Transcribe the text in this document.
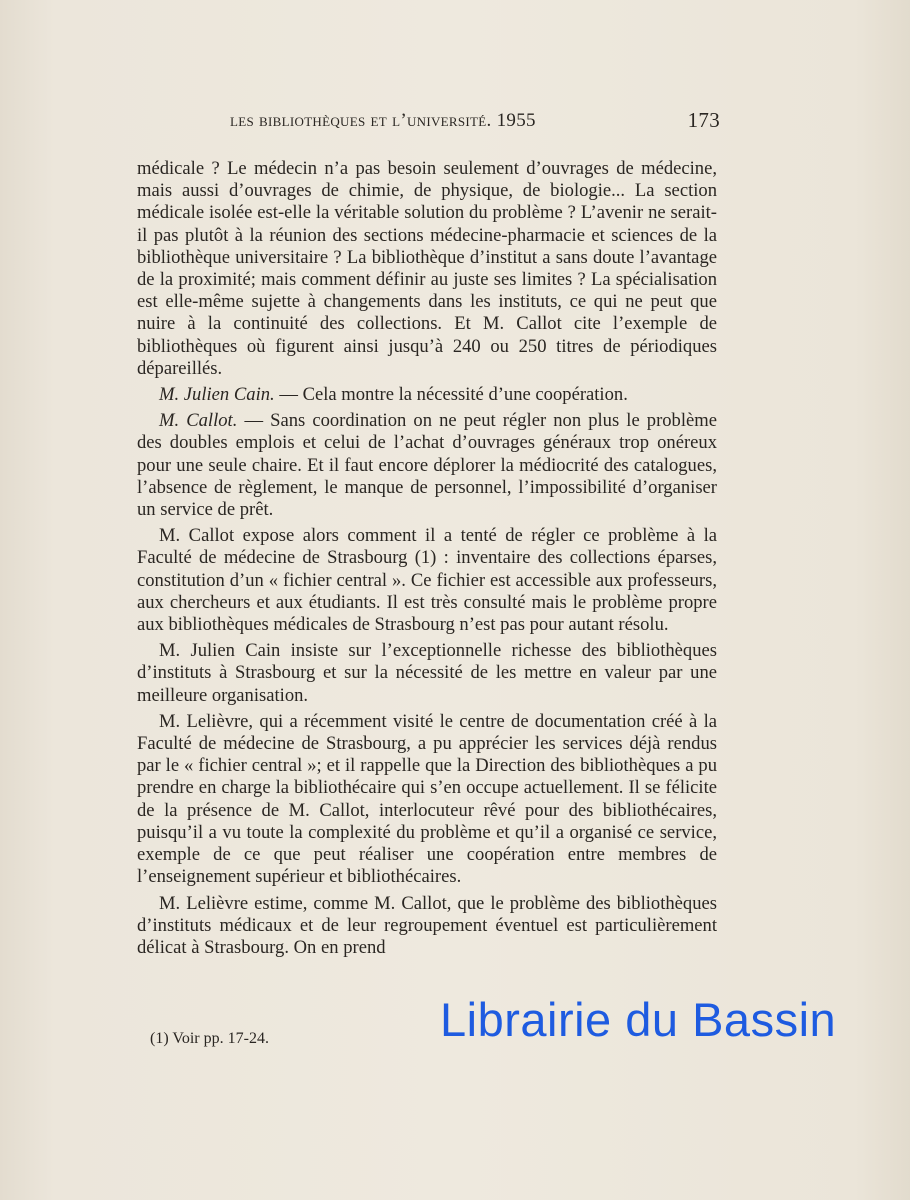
les bibliothèques et l’université. 1955	173

médicale ? Le médecin n’a pas besoin seulement d’ouvrages de médecine, mais aussi d’ouvrages de chimie, de physique, de biologie... La section médicale isolée est-elle la véritable solution du problème ? L’avenir ne serait-il pas plutôt à la réunion des sections médecine-pharmacie et sciences de la bibliothèque universitaire ? La bibliothèque d’institut a sans doute l’avantage de la proximité; mais comment définir au juste ses limites ? La spécialisation est elle-même sujette à changements dans les instituts, ce qui ne peut que nuire à la continuité des collections. Et M. Callot cite l’exemple de bibliothèques où figurent ainsi jusqu’à 240 ou 250 titres de périodiques dépareillés.

M. Julien Cain. — Cela montre la nécessité d’une coopération.

M. Callot. — Sans coordination on ne peut régler non plus le problème des doubles emplois et celui de l’achat d’ouvrages généraux trop onéreux pour une seule chaire. Et il faut encore déplorer la médiocrité des catalogues, l’absence de règlement, le manque de personnel, l’impossibilité d’organiser un service de prêt.

M. Callot expose alors comment il a tenté de régler ce problème à la Faculté de médecine de Strasbourg (1) : inventaire des collections éparses, constitution d’un « fichier central ». Ce fichier est accessible aux professeurs, aux chercheurs et aux étudiants. Il est très consulté mais le problème propre aux bibliothèques médicales de Strasbourg n’est pas pour autant résolu.

M. Julien Cain insiste sur l’exceptionnelle richesse des bibliothèques d’instituts à Strasbourg et sur la nécessité de les mettre en valeur par une meilleure organisation.

M. Lelièvre, qui a récemment visité le centre de documentation créé à la Faculté de médecine de Strasbourg, a pu apprécier les services déjà rendus par le « fichier central »; et il rappelle que la Direction des bibliothèques a pu prendre en charge la bibliothécaire qui s’en occupe actuellement. Il se félicite de la présence de M. Callot, interlocuteur rêvé pour des bibliothécaires, puisqu’il a vu toute la complexité du problème et qu’il a organisé ce service, exemple de ce que peut réaliser une coopération entre membres de l’enseignement supérieur et bibliothécaires.

M. Lelièvre estime, comme M. Callot, que le problème des bibliothèques d’instituts médicaux et de leur regroupement éventuel est particulièrement délicat à Strasbourg. On en prend

Librairie du Bassin
(1) Voir pp. 17-24.
